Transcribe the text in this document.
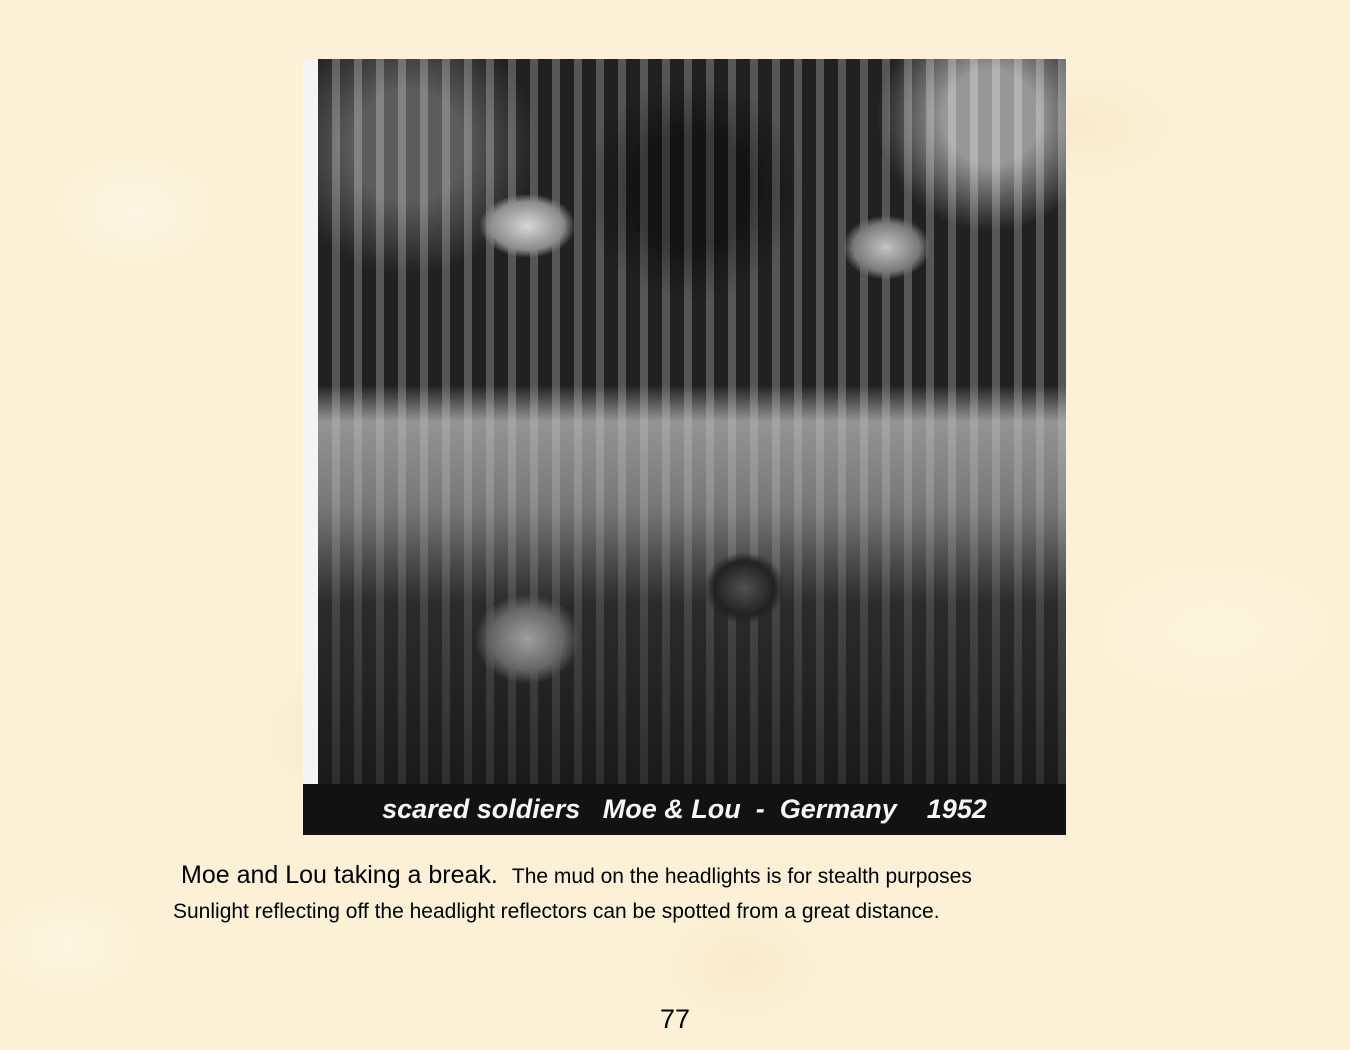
scared soldiers   Moe & Lou  -  Germany    1952
Moe and Lou taking a break. The mud on the headlights is for stealth purposes
Sunlight reflecting off the headlight reflectors can be spotted from a great distance.
77
